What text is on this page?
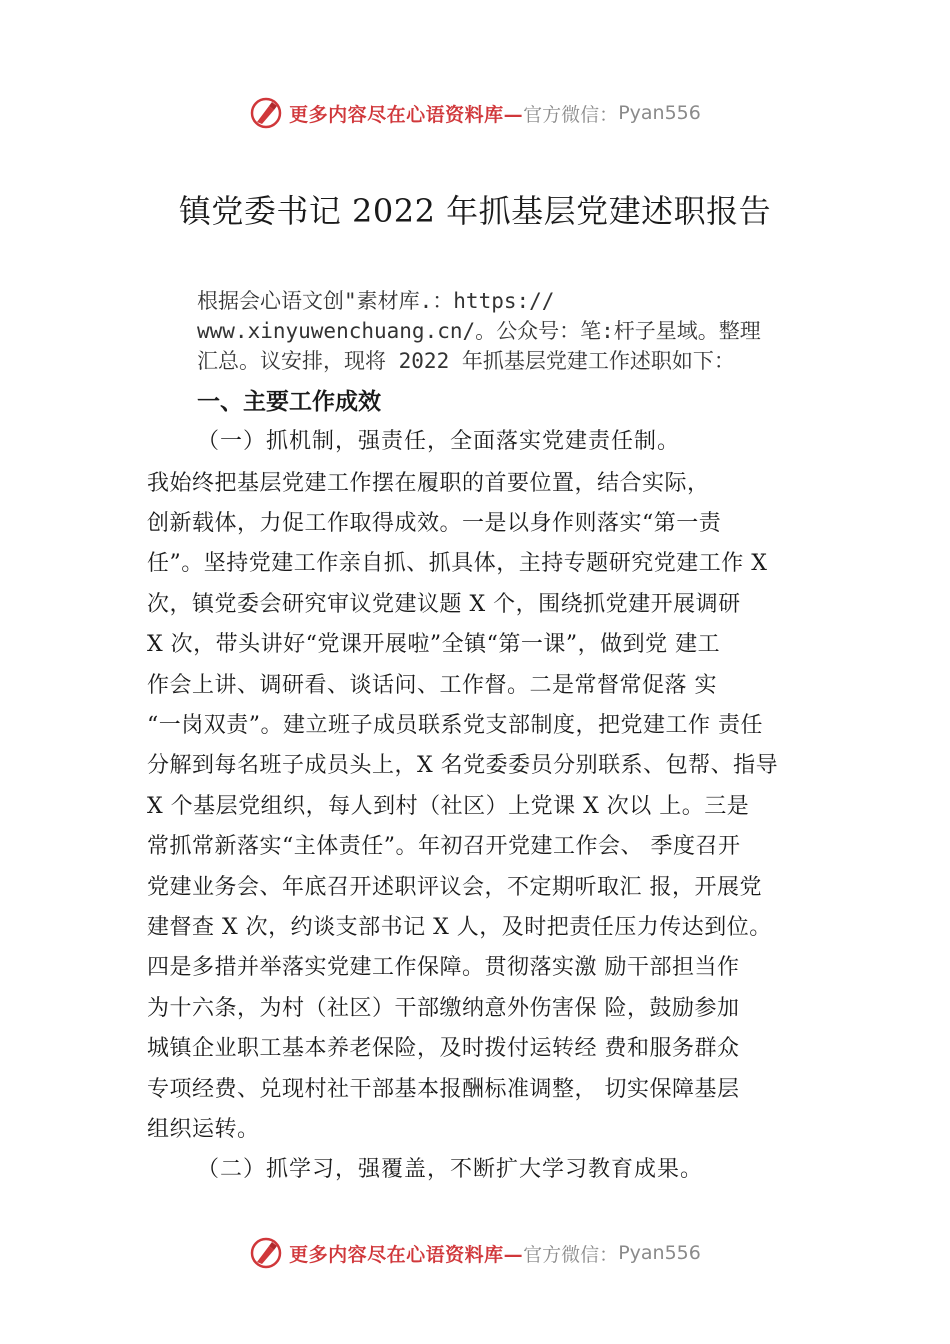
更多内容尽在心语资料库— 官方微信： Pyan556
镇党委书记 2022 年抓基层党建述职报告
根据会心语文创"素材库.：https://
www.xinyuwenchuang.cn/。公众号：笔:杆子星域。整理
汇总。议安排，现将 2022 年抓基层党建工作述职如下：
一、主要工作成效
（一）抓机制，强责任，全面落实党建责任制。
我始终把基层党建工作摆在履职的首要位置，结合实际，
创新载体，力促工作取得成效。一是以身作则落实“第一责
任”。坚持党建工作亲自抓、抓具体，主持专题研究党建工作 X
次，镇党委会研究审议党建议题 X 个，围绕抓党建开展调研
X 次，带头讲好“党课开展啦”全镇“第一课”，做到党 建工
作会上讲、调研看、谈话问、工作督。二是常督常促落 实
“一岗双责”。建立班子成员联系党支部制度，把党建工作 责任
分解到每名班子成员头上，X 名党委委员分别联系、包帮、指导
X 个基层党组织，每人到村（社区）上党课 X 次以 上。三是
常抓常新落实“主体责任”。年初召开党建工作会、 季度召开
党建业务会、年底召开述职评议会，不定期听取汇 报，开展党
建督查 X 次，约谈支部书记 X 人，及时把责任压力传达到位。
四是多措并举落实党建工作保障。贯彻落实激 励干部担当作
为十六条，为村（社区）干部缴纳意外伤害保 险，鼓励参加
城镇企业职工基本养老保险，及时拨付运转经 费和服务群众
专项经费、兑现村社干部基本报酬标准调整， 切实保障基层
组织运转。
（二）抓学习，强覆盖，不断扩大学习教育成果。
更多内容尽在心语资料库— 官方微信： Pyan556
